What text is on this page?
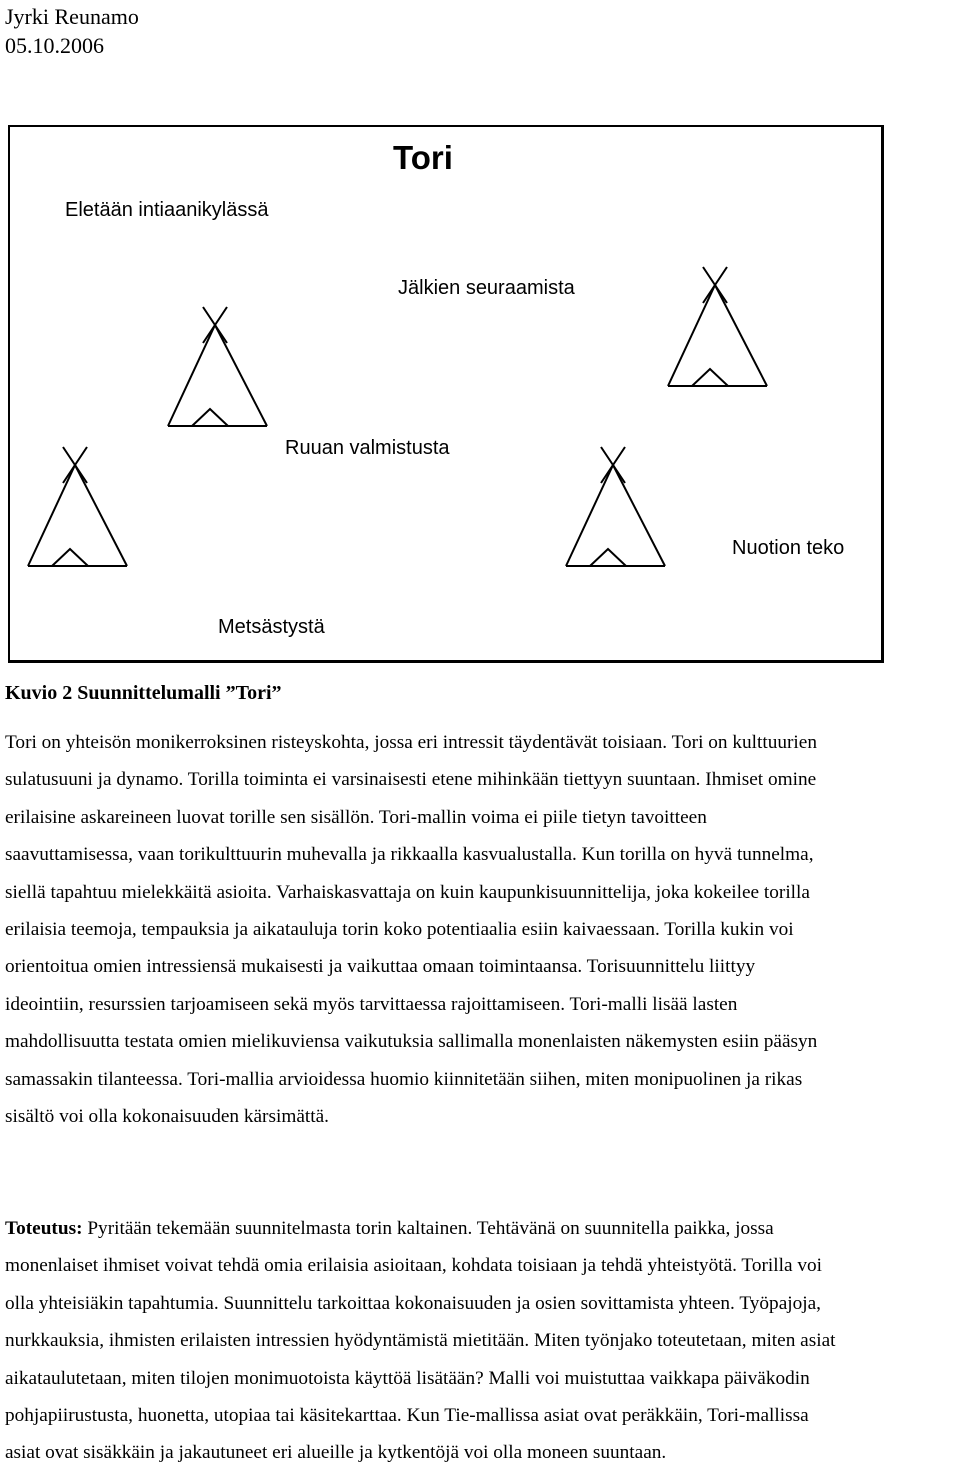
Jyrki Reunamo
05.10.2006
Tori
Eletään intiaanikylässä
Jälkien seuraamista
Ruuan valmistusta
Nuotion teko
Metsästystä
Kuvio 2 Suunnittelumalli ”Tori”

Tori on yhteisön monikerroksinen risteyskohta, jossa eri intressit täydentävät toisiaan. Tori on kulttuurien

sulatusuuni ja dynamo. Torilla toiminta ei varsinaisesti etene mihinkään tiettyyn suuntaan. Ihmiset omine

erilaisine askareineen luovat torille sen sisällön. Tori-mallin voima ei piile tietyn tavoitteen

saavuttamisessa, vaan torikulttuurin muhevalla ja rikkaalla kasvualustalla. Kun torilla on hyvä tunnelma,

siellä tapahtuu mielekkäitä asioita. Varhaiskasvattaja on kuin kaupunkisuunnittelija, joka kokeilee torilla

erilaisia teemoja, tempauksia ja aikatauluja torin koko potentiaalia esiin kaivaessaan. Torilla kukin voi

orientoitua omien intressiensä mukaisesti ja vaikuttaa omaan toimintaansa. Torisuunnittelu liittyy

ideointiin, resurssien tarjoamiseen sekä myös tarvittaessa rajoittamiseen. Tori-malli lisää lasten

mahdollisuutta testata omien mielikuviensa vaikutuksia sallimalla monenlaisten näkemysten esiin pääsyn

samassakin tilanteessa. Tori-mallia arvioidessa huomio kiinnitetään siihen, miten monipuolinen ja rikas

sisältö voi olla kokonaisuuden kärsimättä.

Toteutus: Pyritään tekemään suunnitelmasta torin kaltainen. Tehtävänä on suunnitella paikka, jossa

monenlaiset ihmiset voivat tehdä omia erilaisia asioitaan, kohdata toisiaan ja tehdä yhteistyötä. Torilla voi

olla yhteisiäkin tapahtumia. Suunnittelu tarkoittaa kokonaisuuden ja osien sovittamista yhteen. Työpajoja,

nurkkauksia, ihmisten erilaisten intressien hyödyntämistä mietitään. Miten työnjako toteutetaan, miten asiat

aikataulutetaan, miten tilojen monimuotoista käyttöä lisätään? Malli voi muistuttaa vaikkapa päiväkodin

pohjapiirustusta, huonetta, utopiaa tai käsitekarttaa. Kun Tie-mallissa asiat ovat peräkkäin, Tori-mallissa

asiat ovat sisäkkäin ja jakautuneet eri alueille ja kytkentöjä voi olla moneen suuntaan.
